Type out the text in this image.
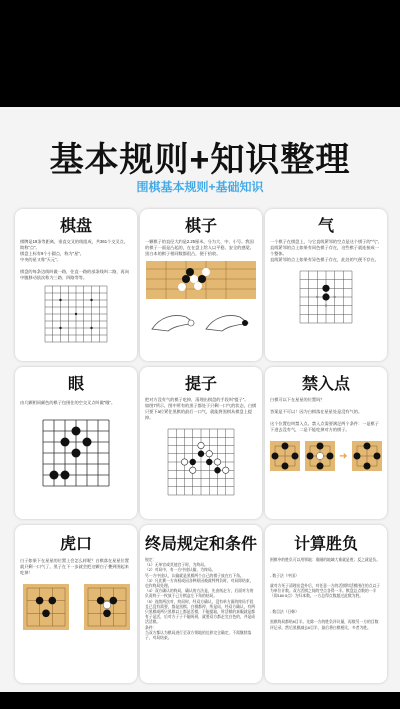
基本规则+知识整理
围棋基本规则+基础知识
棋盘
棋牌是19条等距离，垂直交叉的线组成，共361个交叉点，简称"点"。
棋盘上标有9个小圆点，称为"星"。
中央的星又称"天元"。

棋盘的每条边线叫做一路，往直一路的部条线叫二路，再向中腹移动依次称为三路、四路等等。
棋子
一颗棋子的直径大约是2.25厘米，分为大、中、小号。我国的棋子一面是凸起的，在在盘上给人以平稳、安全的感觉。黑白本的棋子相同数都很凸，便于拾收。
气
一个棋子在棋盘上，与它直线紧邻的空点是这个棋子的"气"。
直线紧邻的点上如果有同色棋子存在，这些棋子就连接成一个整体。
直线紧邻的点上如果有异色棋子存在，此处的气便不存在。
眼
由几颗相同颜色的棋子包围住的空交叉点叫做"眼"。
提子
把对方没有气的棋子吃掉，清理出棋盘的手段叫"提子"。
如图7所示，图中所有的黑子都处于只剩一口气的状态，白棋只要下a位紧住黑棋的最后一口气，就能将黑棋从棋盘上提掉。
禁入点
白棋可以下在星星的位置吗？

答案是不可以！因为白棋落在星星处是没有气的。

这个位置也叫禁入点。禁入点需要满足两个条件：一是棋子下进去没有气，二是不能吃掉对方的棋子。
➜
虎口
白子如果下在星星的位置上会怎么样呢？白棋落在星星位置就只剩一口气了，黑子在下一步就会把这颗白子叠到围起来吃掉！
终局规定和条件
规定：
（1）无单官或其他官子时，为终局。
（2）对局中，有一方中途认输，为终局。
另一方中途认，认输就是黑棋两个自己的棋子放在右下角。
（3）凡比赛一方弃权或因各种原因被裁判判负时，对局即结束，也作终局处理。
（4）双方确认的终局，确认的方法是，先由纸走方，后面对方的负责终子一枚放于己方棋盒左下角的结局。
（5）连续两次对，终局时，经双方确认，没有单方面的终局手段且已没有需要，都是黑棋、白棋都停，所是局，经双方确认，有两只黑棋或两只黑棋以上都是活棋，不能提取，所活棋的真眼就是都有子是活，后对方子子不能吸到，就要双方都走完白色的，并是成活活棋。
条件：
当双方都认为棋局进行至双方领地的边界完全确定，不需继续落子，对局结束。
计算胜负
围棋中的胜负可以用领地：谁圈的地域大谁就是胜；反之就是负。

- 数子法（中国）

就对方死子清理出盘外后，对任意一方的活棋和活棋围住的点以子为单位计数。双方活棋之间的空点各得一半。棋盘总点数的一半（即180.5点）为归本数。一方总得点数超过此数为胜。

- 数目法（日韩）

黑棋终局都贴6目半。先除一方的胜负评议量，再数另一方的目数评记录，然后黑棋减去6目半，最后将白棋相比，多者为胜。
